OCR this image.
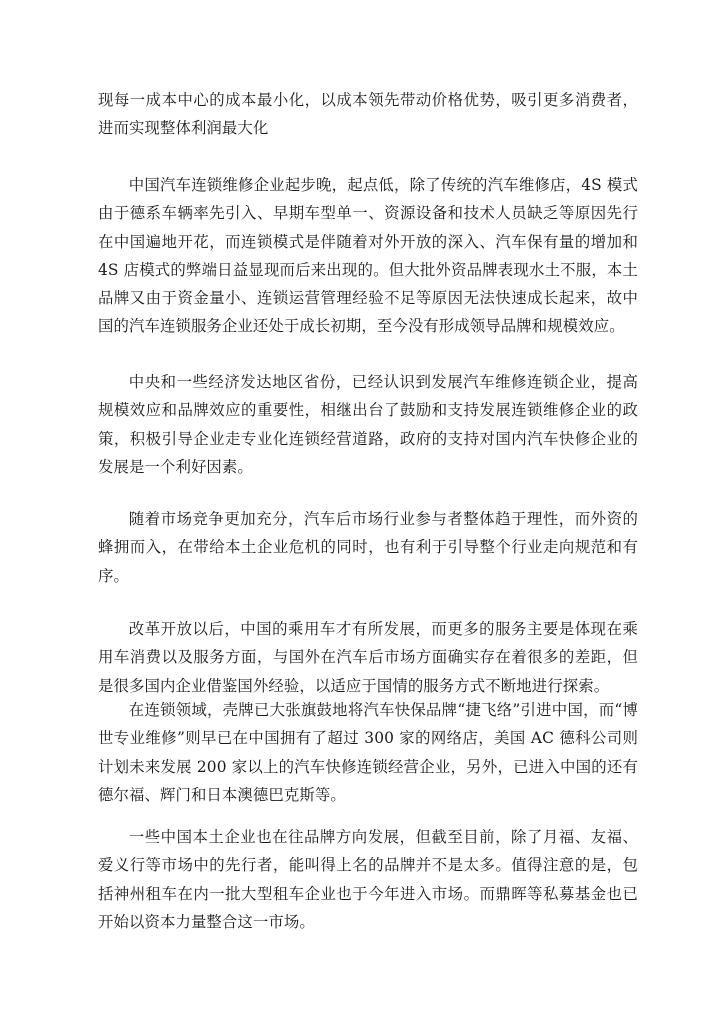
现每一成本中心的成本最小化，以成本领先带动价格优势，吸引更多消费者，进而实现整体利润最大化

中国汽车连锁维修企业起步晚，起点低，除了传统的汽车维修店，4S 模式由于德系车辆率先引入、早期车型单一、资源设备和技术人员缺乏等原因先行在中国遍地开花，而连锁模式是伴随着对外开放的深入、汽车保有量的增加和 4S 店模式的弊端日益显现而后来出现的。但大批外资品牌表现水土不服，本土品牌又由于资金量小、连锁运营管理经验不足等原因无法快速成长起来，故中国的汽车连锁服务企业还处于成长初期，至今没有形成领导品牌和规模效应。

中央和一些经济发达地区省份，已经认识到发展汽车维修连锁企业，提高规模效应和品牌效应的重要性，相继出台了鼓励和支持发展连锁维修企业的政策，积极引导企业走专业化连锁经营道路，政府的支持对国内汽车快修企业的发展是一个利好因素。

随着市场竞争更加充分，汽车后市场行业参与者整体趋于理性，而外资的蜂拥而入，在带给本土企业危机的同时，也有利于引导整个行业走向规范和有序。

改革开放以后，中国的乘用车才有所发展，而更多的服务主要是体现在乘用车消费以及服务方面，与国外在汽车后市场方面确实存在着很多的差距，但是很多国内企业借鉴国外经验，以适应于国情的服务方式不断地进行探索。

在连锁领域，壳牌已大张旗鼓地将汽车快保品牌“捷飞络”引进中国，而“博世专业维修”则早已在中国拥有了超过 300 家的网络店，美国 AC 德科公司则计划未来发展 200 家以上的汽车快修连锁经营企业，另外，已进入中国的还有德尔福、辉门和日本澳德巴克斯等。

一些中国本土企业也在往品牌方向发展，但截至目前，除了月福、友福、爱义行等市场中的先行者，能叫得上名的品牌并不是太多。值得注意的是，包括神州租车在内一批大型租车企业也于今年进入市场。而鼎晖等私募基金也已开始以资本力量整合这一市场。
